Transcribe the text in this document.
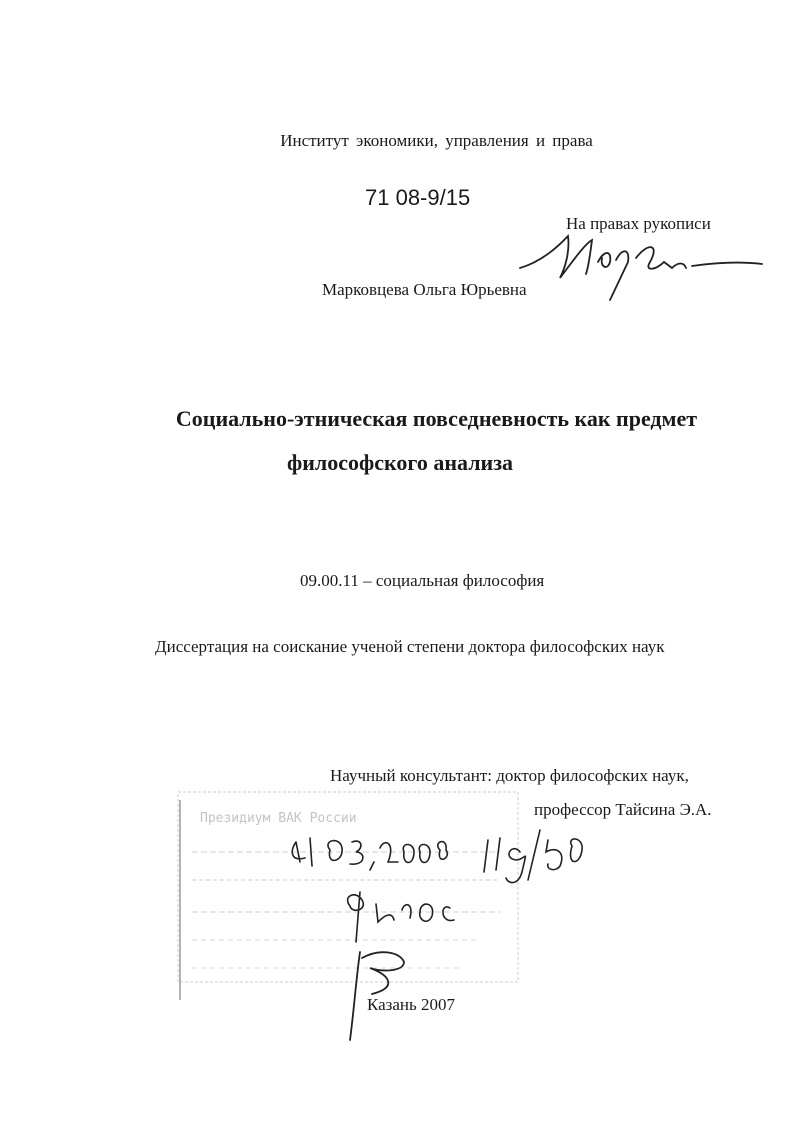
Институт экономики, управления и права
71 08-9/15
На правах рукописи
Марковцева Ольга Юрьевна
Социально-этническая повседневность как предмет
философского анализа
09.00.11 – социальная философия
Диссертация на соискание ученой степени доктора философских наук
Научный консультант: доктор философских наук,
профессор Тайсина Э.А.
Казань 2007
Президиум ВАК России
